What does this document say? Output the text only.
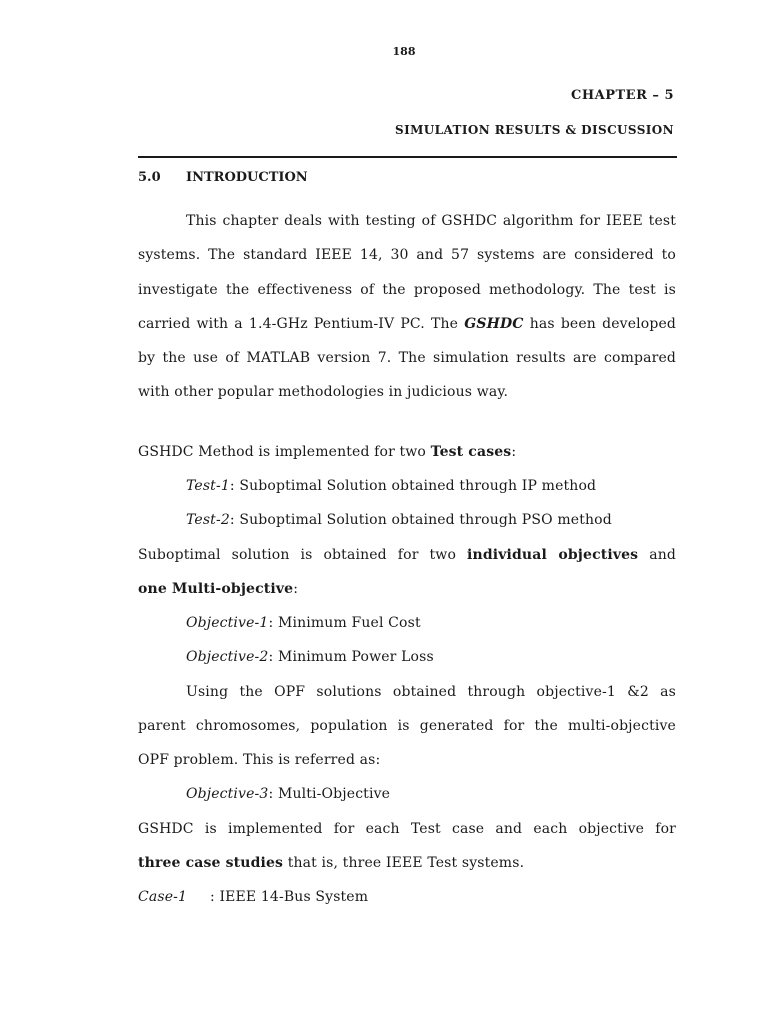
188
CHAPTER – 5
SIMULATION RESULTS & DISCUSSION
5.0 INTRODUCTION
This chapter deals with testing of GSHDC algorithm for IEEE test systems. The standard IEEE 14, 30 and 57 systems are considered to investigate the effectiveness of the proposed methodology. The test is carried with a 1.4-GHz Pentium-IV PC. The GSHDC has been developed by the use of MATLAB version 7. The simulation results are compared with other popular methodologies in judicious way.
GSHDC Method is implemented for two Test cases:
Test-1: Suboptimal Solution obtained through IP method
Test-2: Suboptimal Solution obtained through PSO method
Suboptimal solution is obtained for two individual objectives and
one Multi-objective:
Objective-1: Minimum Fuel Cost
Objective-2: Minimum Power Loss
Using the OPF solutions obtained through objective-1 &2 as
parent chromosomes, population is generated for the multi-objective
OPF problem. This is referred as:
Objective-3: Multi-Objective
GSHDC is implemented for each Test case and each objective for
three case studies that is, three IEEE Test systems.
Case-1 : IEEE 14-Bus System
